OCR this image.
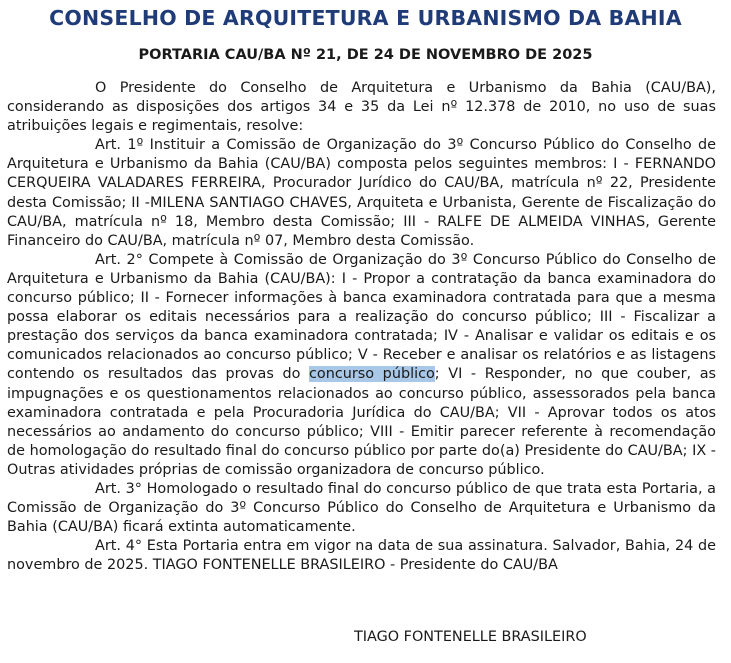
CONSELHO DE ARQUITETURA E URBANISMO DA BAHIA
PORTARIA CAU/BA Nº 21, DE 24 DE NOVEMBRO DE 2025

O Presidente do Conselho de Arquitetura e Urbanismo da Bahia (CAU/BA), considerando as disposições dos artigos 34 e 35 da Lei nº 12.378 de 2010, no uso de suas atribuições legais e regimentais, resolve:

Art. 1º Instituir a Comissão de Organização do 3º Concurso Público do Conselho de Arquitetura e Urbanismo da Bahia (CAU/BA) composta pelos seguintes membros: I - FERNANDO CERQUEIRA VALADARES FERREIRA, Procurador Jurídico do CAU/BA, matrícula nº 22, Presidente desta Comissão; II -MILENA SANTIAGO CHAVES, Arquiteta e Urbanista, Gerente de Fiscalização do CAU/BA, matrícula nº 18, Membro desta Comissão; III - RALFE DE ALMEIDA VINHAS, Gerente Financeiro do CAU/BA, matrícula nº 07, Membro desta Comissão.

Art. 2° Compete à Comissão de Organização do 3º Concurso Público do Conselho de Arquitetura e Urbanismo da Bahia (CAU/BA): I - Propor a contratação da banca examinadora do concurso público; II - Fornecer informações à banca examinadora contratada para que a mesma possa elaborar os editais necessários para a realização do concurso público; III - Fiscalizar a prestação dos serviços da banca examinadora contratada; IV - Analisar e validar os editais e os comunicados relacionados ao concurso público; V - Receber e analisar os relatórios e as listagens contendo os resultados das provas do concurso público; VI - Responder, no que couber, as impugnações e os questionamentos relacionados ao concurso público, assessorados pela banca examinadora contratada e pela Procuradoria Jurídica do CAU/BA; VII - Aprovar todos os atos necessários ao andamento do concurso público; VIII - Emitir parecer referente à recomendação de homologação do resultado final do concurso público por parte do(a) Presidente do CAU/BA; IX - Outras atividades próprias de comissão organizadora de concurso público.

Art. 3° Homologado o resultado final do concurso público de que trata esta Portaria, a Comissão de Organização do 3º Concurso Público do Conselho de Arquitetura e Urbanismo da Bahia (CAU/BA) ficará extinta automaticamente.

Art. 4° Esta Portaria entra em vigor na data de sua assinatura. Salvador, Bahia, 24 de novembro de 2025. TIAGO FONTENELLE BRASILEIRO - Presidente do CAU/BA

TIAGO FONTENELLE BRASILEIRO
